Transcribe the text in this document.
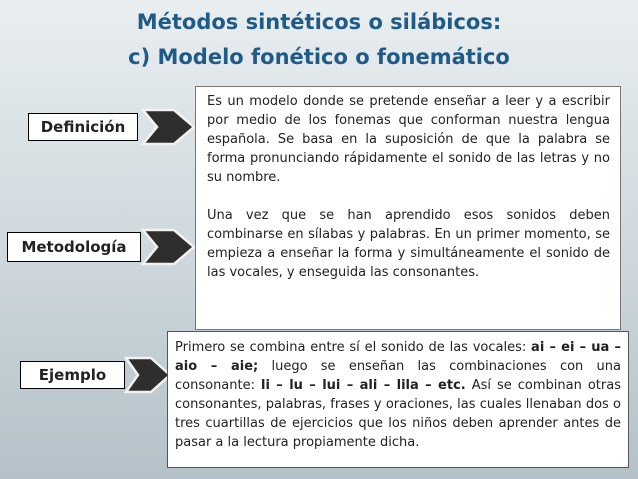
Métodos sintéticos o silábicos:
c) Modelo fonético o fonemático
Definición
Metodología
Ejemplo

Es un modelo donde se pretende enseñar a leer y a escribir por medio de los fonemas que conforman nuestra lengua española. Se basa en la suposición de que la palabra se forma pronunciando rápidamente el sonido de las letras y no su nombre.

Una vez que se han aprendido esos sonidos deben combinarse en sílabas y palabras. En un primer momento, se empieza a enseñar la forma y simultáneamente el sonido de las vocales, y enseguida las consonantes.

Primero se combina entre sí el sonido de las vocales: ai – ei – ua – aio – aie; luego se enseñan las combinaciones con una consonante: li – lu – lui – ali – lila – etc. Así se combinan otras consonantes, palabras, frases y oraciones, las cuales llenaban dos o tres cuartillas de ejercicios que los niños deben aprender antes de pasar a la lectura propiamente dicha.
